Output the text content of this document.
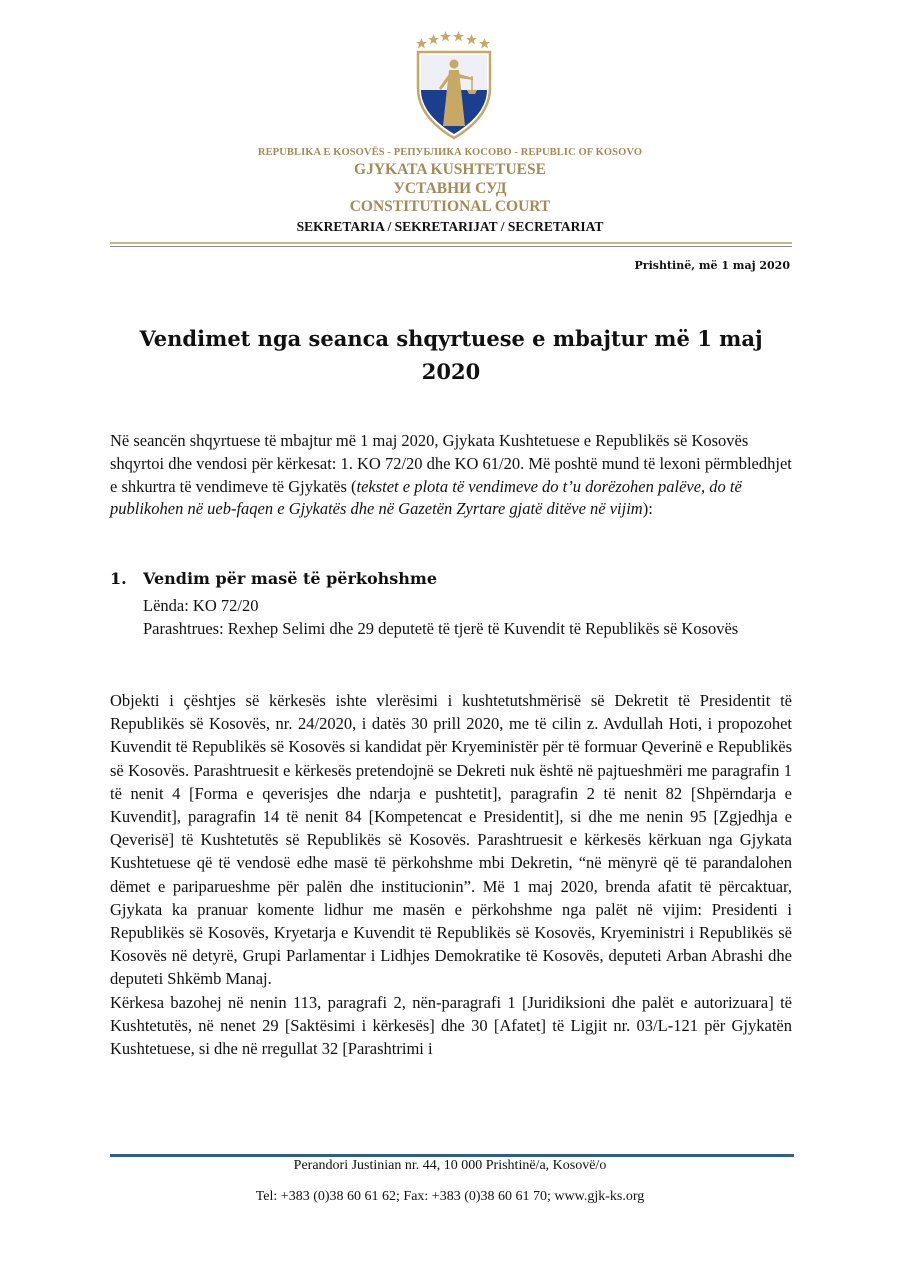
REPUBLIKA E KOSOVËS - РЕПУБЛИКА КОСОВО - REPUBLIC OF KOSOVO
GJYKATA KUSHTETUESE
УСТАВНИ СУД
CONSTITUTIONAL COURT
SEKRETARIA / SEKRETARIJAT / SECRETARIAT
Prishtinë, më 1 maj 2020
Vendimet nga seanca shqyrtuese e mbajtur më 1 maj 2020

Në seancën shqyrtuese të mbajtur më 1 maj 2020, Gjykata Kushtetuese e Republikës së Kosovës shqyrtoi dhe vendosi për kërkesat: 1. KO 72/20 dhe KO 61/20. Më poshtë mund të lexoni përmbledhjet e shkurtra të vendimeve të Gjykatës (tekstet e plota të vendimeve do t’u dorëzohen palëve, do të publikohen në ueb-faqen e Gjykatës dhe në Gazetën Zyrtare gjatë ditëve në vijim):

1. Vendim për masë të përkohshme
Lënda: KO 72/20
Parashtrues: Rexhep Selimi dhe 29 deputetë të tjerë të Kuvendit të Republikës së Kosovës

Objekti i çështjes së kërkesës ishte vlerësimi i kushtetutshmërisë së Dekretit të Presidentit të Republikës së Kosovës, nr. 24/2020, i datës 30 prill 2020, me të cilin z. Avdullah Hoti, i propozohet Kuvendit të Republikës së Kosovës si kandidat për Kryeministër për të formuar Qeverinë e Republikës së Kosovës. Parashtruesit e kërkesës pretendojnë se Dekreti nuk është në pajtueshmëri me paragrafin 1 të nenit 4 [Forma e qeverisjes dhe ndarja e pushtetit], paragrafin 2 të nenit 82 [Shpërndarja e Kuvendit], paragrafin 14 të nenit 84 [Kompetencat e Presidentit], si dhe me nenin 95 [Zgjedhja e Qeverisë] të Kushtetutës së Republikës së Kosovës. Parashtruesit e kërkesës kërkuan nga Gjykata Kushtetuese që të vendosë edhe masë të përkohshme mbi Dekretin, “në mënyrë që të parandalohen dëmet e pariparueshme për palën dhe institucionin”. Më 1 maj 2020, brenda afatit të përcaktuar, Gjykata ka pranuar komente lidhur me masën e përkohshme nga palët në vijim: Presidenti i Republikës së Kosovës, Kryetarja e Kuvendit të Republikës së Kosovës, Kryeministri i Republikës së Kosovës në detyrë, Grupi Parlamentar i Lidhjes Demokratike të Kosovës, deputeti Arban Abrashi dhe deputeti Shkëmb Manaj.

Kërkesa bazohej në nenin 113, paragrafi 2, nën-paragrafi 1 [Juridiksioni dhe palët e autorizuara] të Kushtetutës, në nenet 29 [Saktësimi i kërkesës] dhe 30 [Afatet] të Ligjit nr. 03/L-121 për Gjykatën Kushtetuese, si dhe në rregullat 32 [Parashtrimi i

Perandori Justinian nr. 44, 10 000 Prishtinë/a, Kosovë/o
Tel: +383 (0)38 60 61 62; Fax: +383 (0)38 60 61 70; www.gjk-ks.org
